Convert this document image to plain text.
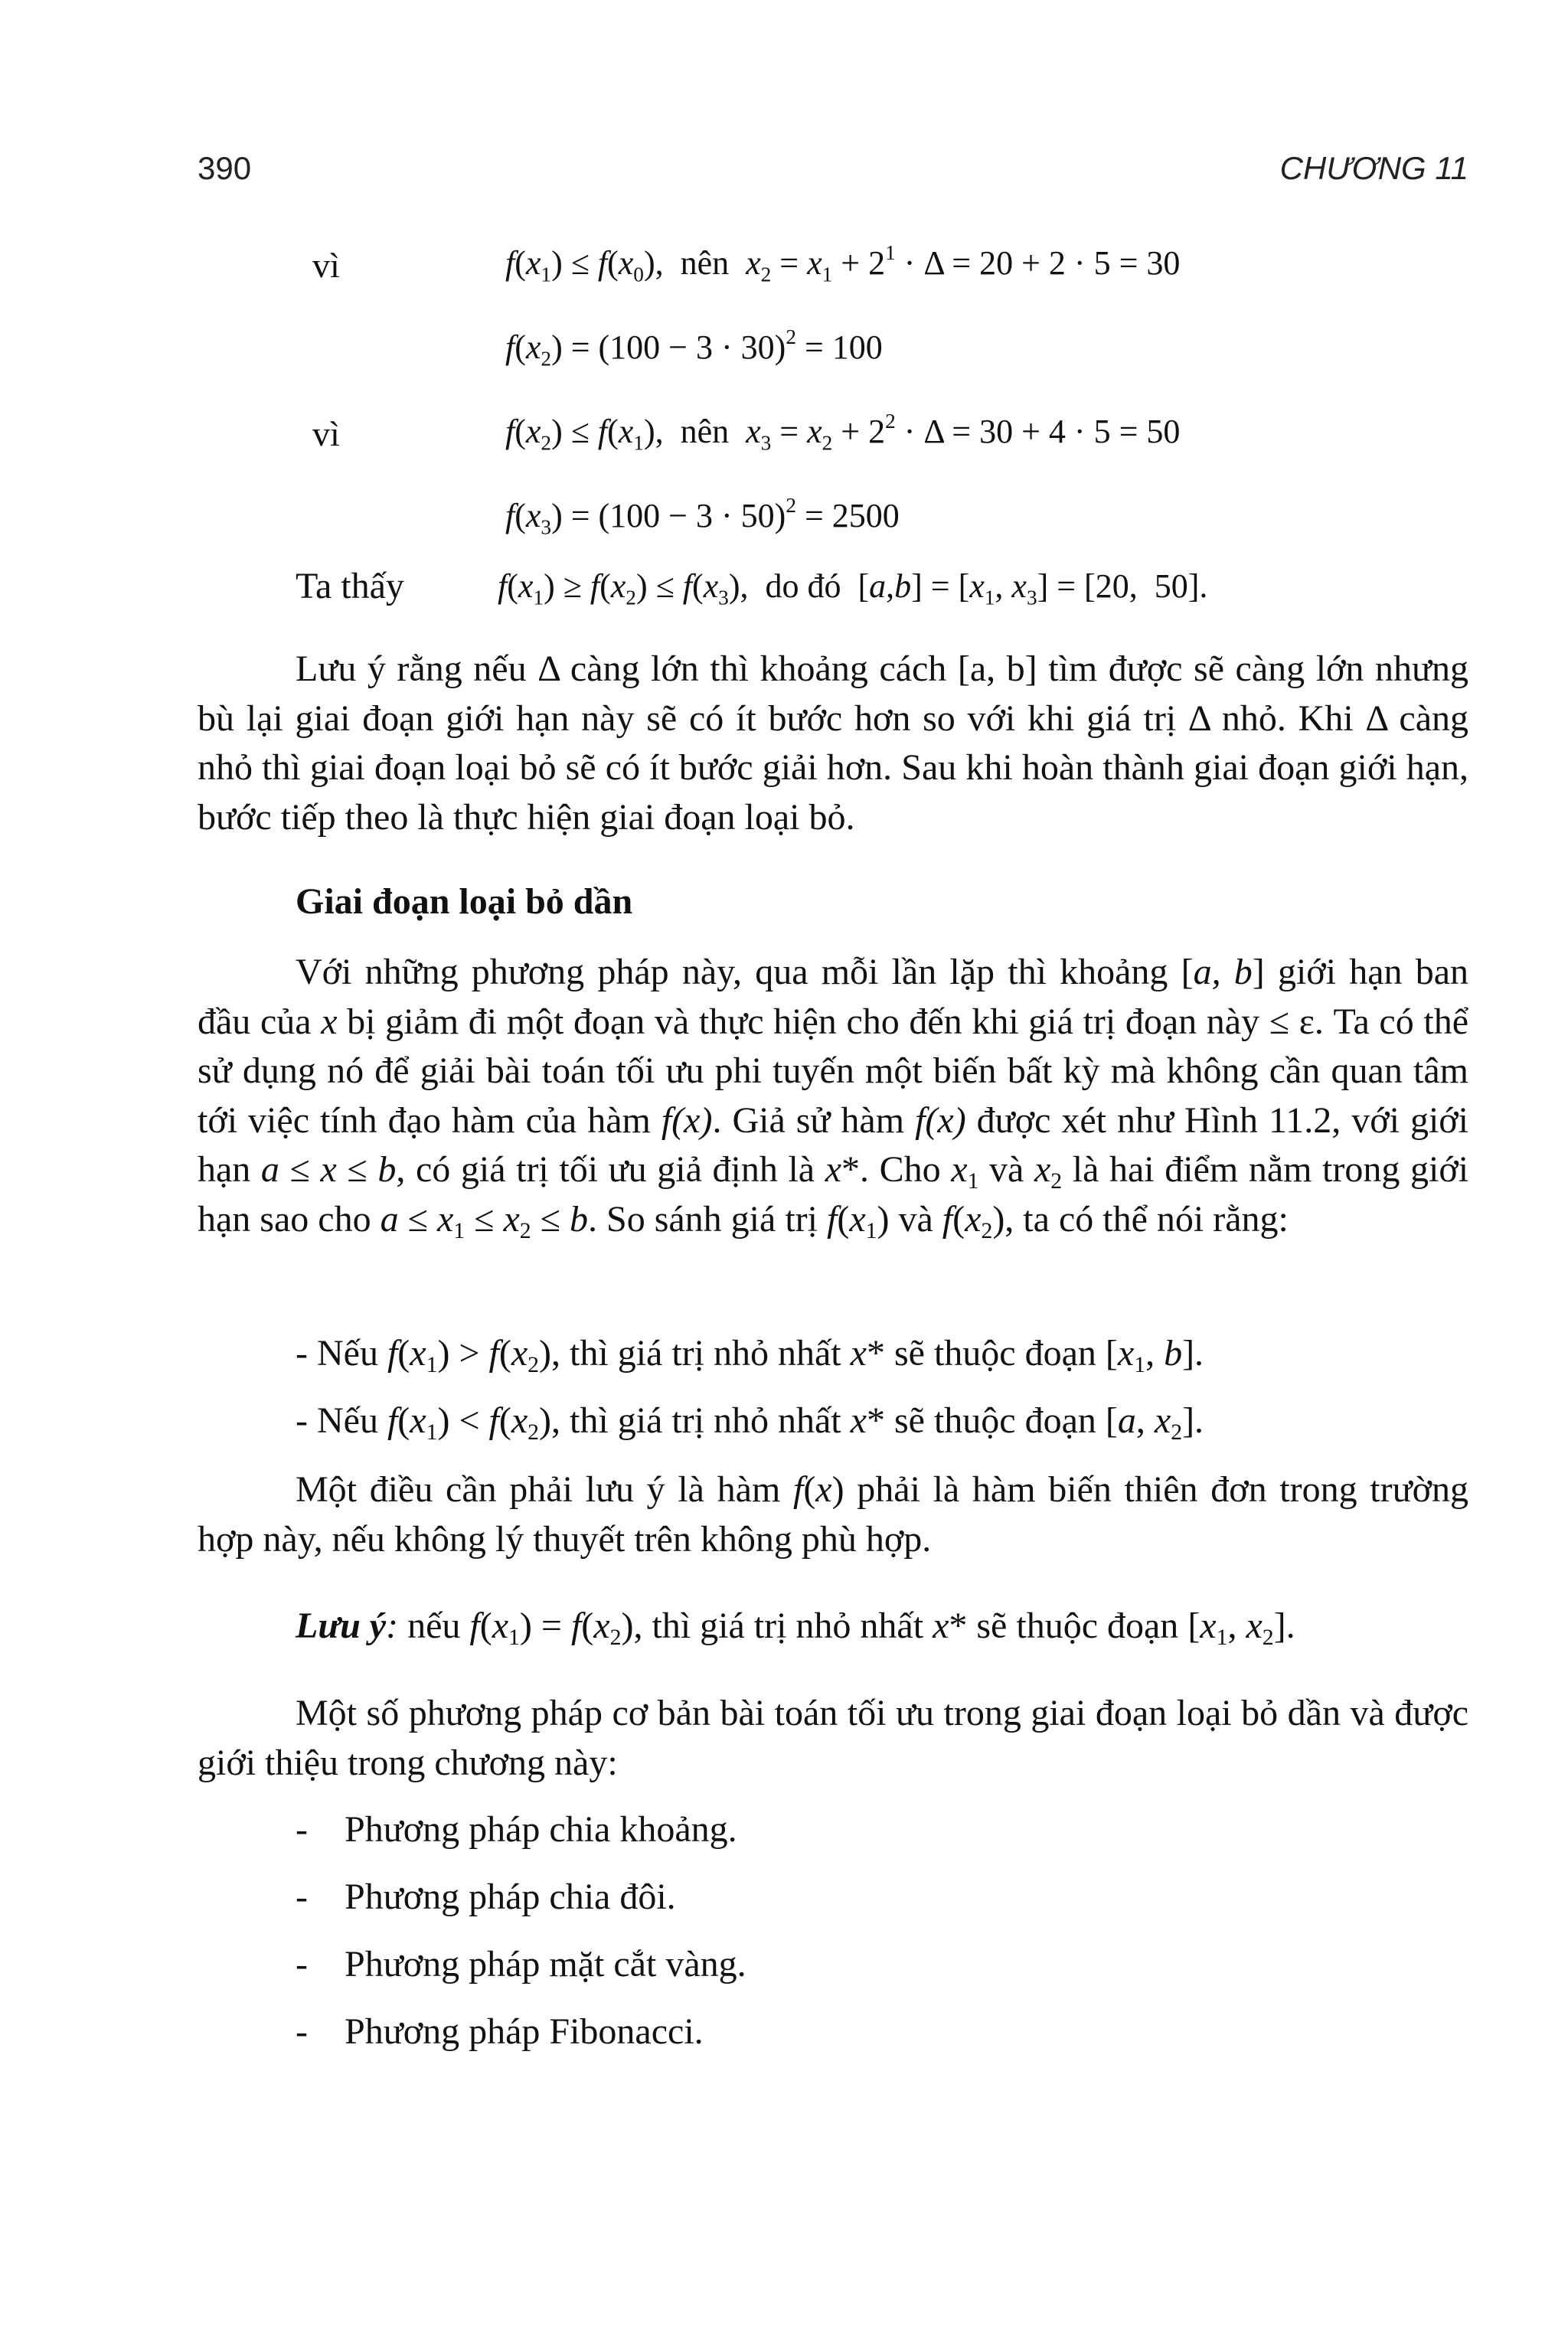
390	CHƯƠNG 11
vì	$f(x_1) \le f(x_0)$,  nên $x_2 = x_1 + 2^1 \cdot \Delta = 20 + 2 \cdot 5 = 30$
$f(x_2) = (100 - 3 \cdot 30)^2 = 100$
vì	$f(x_2) \le f(x_1)$,  nên $x_3 = x_2 + 2^2 \cdot \Delta = 30 + 4 \cdot 5 = 50$
$f(x_3) = (100 - 3 \cdot 50)^2 = 2500$
Ta thấy	$f(x_1) \ge f(x_2) \le f(x_3)$,  do đó  $[a,b] = [x_1$, $x_3] = [20$,  50].
Lưu ý rằng nếu Δ càng lớn thì khoảng cách [a, b] tìm được sẽ càng lớn nhưng bù lại giai đoạn giới hạn này sẽ có ít bước hơn so với khi giá trị Δ nhỏ. Khi Δ càng nhỏ thì giai đoạn loại bỏ sẽ có ít bước giải hơn. Sau khi hoàn thành giai đoạn giới hạn, bước tiếp theo là thực hiện giai đoạn loại bỏ.
Giai đoạn loại bỏ dần
Với những phương pháp này, qua mỗi lần lặp thì khoảng [a, b] giới hạn ban đầu của x bị giảm đi một đoạn và thực hiện cho đến khi giá trị đoạn này ≤ ε. Ta có thể sử dụng nó để giải bài toán tối ưu phi tuyến một biến bất kỳ mà không cần quan tâm tới việc tính đạo hàm của hàm f(x). Giả sử hàm f(x) được xét như Hình 11.2, với giới hạn a ≤ x ≤ b, có giá trị tối ưu giả định là x*. Cho $x_1$ và $x_2$ là hai điểm nằm trong giới hạn sao cho $a \le x_1 \le x_2 \le b$. So sánh giá trị $f(x_1)$ và $f(x_2)$, ta có thể nói rằng:
- Nếu $f(x_1) > f(x_2)$, thì giá trị nhỏ nhất x* sẽ thuộc đoạn [$x_1$, b].
- Nếu $f(x_1) < f(x_2)$, thì giá trị nhỏ nhất x* sẽ thuộc đoạn [a, $x_2$].
Một điều cần phải lưu ý là hàm f(x) phải là hàm biến thiên đơn trong trường hợp này, nếu không lý thuyết trên không phù hợp.
Lưu ý: nếu $f(x_1) = f(x_2)$, thì giá trị nhỏ nhất x* sẽ thuộc đoạn [$x_1$, $x_2$].
Một số phương pháp cơ bản bài toán tối ưu trong giai đoạn loại bỏ dần và được giới thiệu trong chương này:
- Phương pháp chia khoảng.
- Phương pháp chia đôi.
- Phương pháp mặt cắt vàng.
- Phương pháp Fibonacci.
